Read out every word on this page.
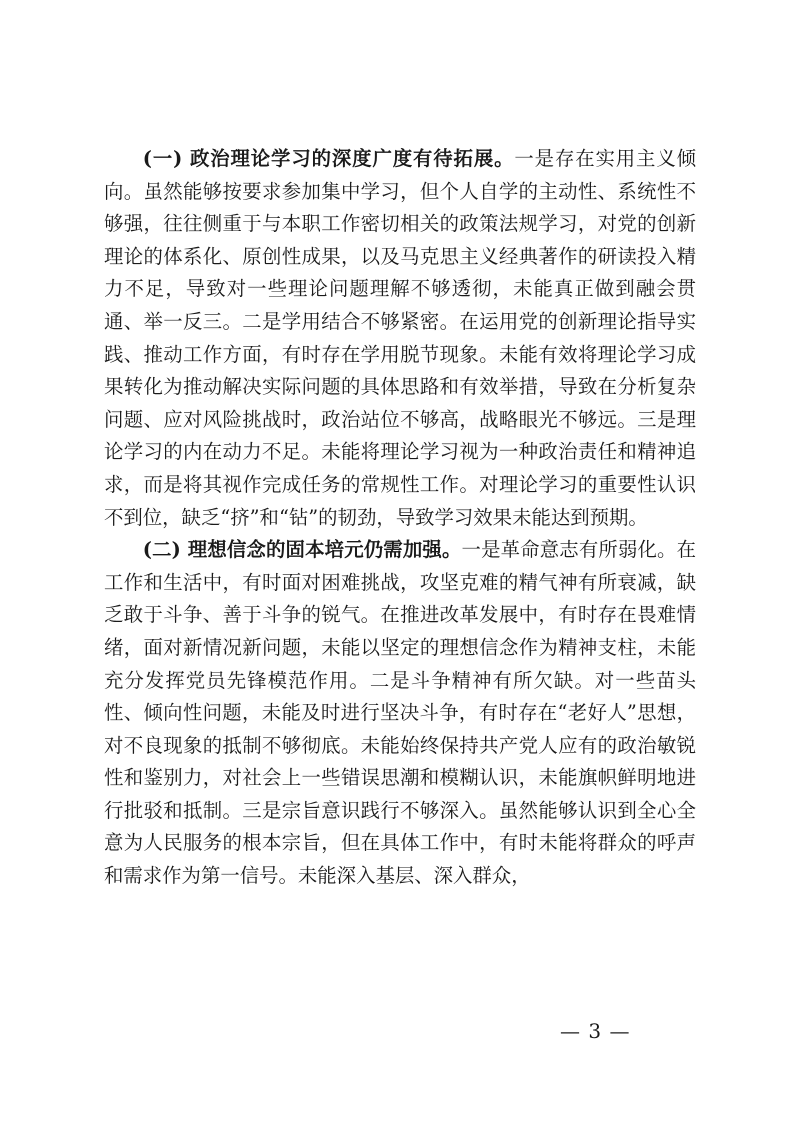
(一) 政治理论学习的深度广度有待拓展。一是存在实用主义倾向。虽然能够按要求参加集中学习，但个人自学的主动性、系统性不够强，往往侧重于与本职工作密切相关的政策法规学习，对党的创新理论的体系化、原创性成果，以及马克思主义经典著作的研读投入精力不足，导致对一些理论问题理解不够透彻，未能真正做到融会贯通、举一反三。二是学用结合不够紧密。在运用党的创新理论指导实践、推动工作方面，有时存在学用脱节现象。未能有效将理论学习成果转化为推动解决实际问题的具体思路和有效举措，导致在分析复杂问题、应对风险挑战时，政治站位不够高，战略眼光不够远。三是理论学习的内在动力不足。未能将理论学习视为一种政治责任和精神追求，而是将其视作完成任务的常规性工作。对理论学习的重要性认识不到位，缺乏“挤”和“钻”的韧劲，导致学习效果未能达到预期。

(二) 理想信念的固本培元仍需加强。一是革命意志有所弱化。在工作和生活中，有时面对困难挑战，攻坚克难的精气神有所衰减，缺乏敢于斗争、善于斗争的锐气。在推进改革发展中，有时存在畏难情绪，面对新情况新问题，未能以坚定的理想信念作为精神支柱，未能充分发挥党员先锋模范作用。二是斗争精神有所欠缺。对一些苗头性、倾向性问题，未能及时进行坚决斗争，有时存在“老好人”思想，对不良现象的抵制不够彻底。未能始终保持共产党人应有的政治敏锐性和鉴别力，对社会上一些错误思潮和模糊认识，未能旗帜鲜明地进行批驳和抵制。三是宗旨意识践行不够深入。虽然能够认识到全心全意为人民服务的根本宗旨，但在具体工作中，有时未能将群众的呼声和需求作为第一信号。未能深入基层、深入群众，

— 3 —
